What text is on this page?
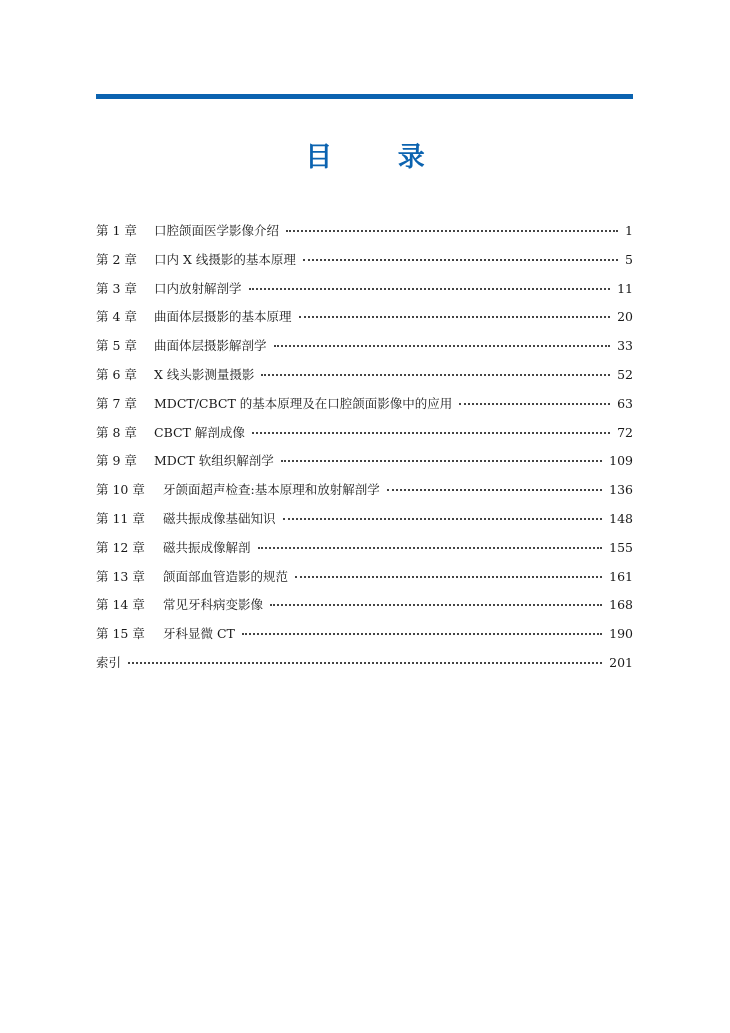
目 录
第 1 章	口腔颌面医学影像介绍	1
第 2 章	口内 X 线摄影的基本原理	5
第 3 章	口内放射解剖学	11
第 4 章	曲面体层摄影的基本原理	20
第 5 章	曲面体层摄影解剖学	33
第 6 章	X 线头影测量摄影	52
第 7 章	MDCT/CBCT 的基本原理及在口腔颌面影像中的应用	63
第 8 章	CBCT 解剖成像	72
第 9 章	MDCT 软组织解剖学	109
第 10 章	牙颌面超声检查:基本原理和放射解剖学	136
第 11 章	磁共振成像基础知识	148
第 12 章	磁共振成像解剖	155
第 13 章	颌面部血管造影的规范	161
第 14 章	常见牙科病变影像	168
第 15 章	牙科显微 CT	190
索引	201
